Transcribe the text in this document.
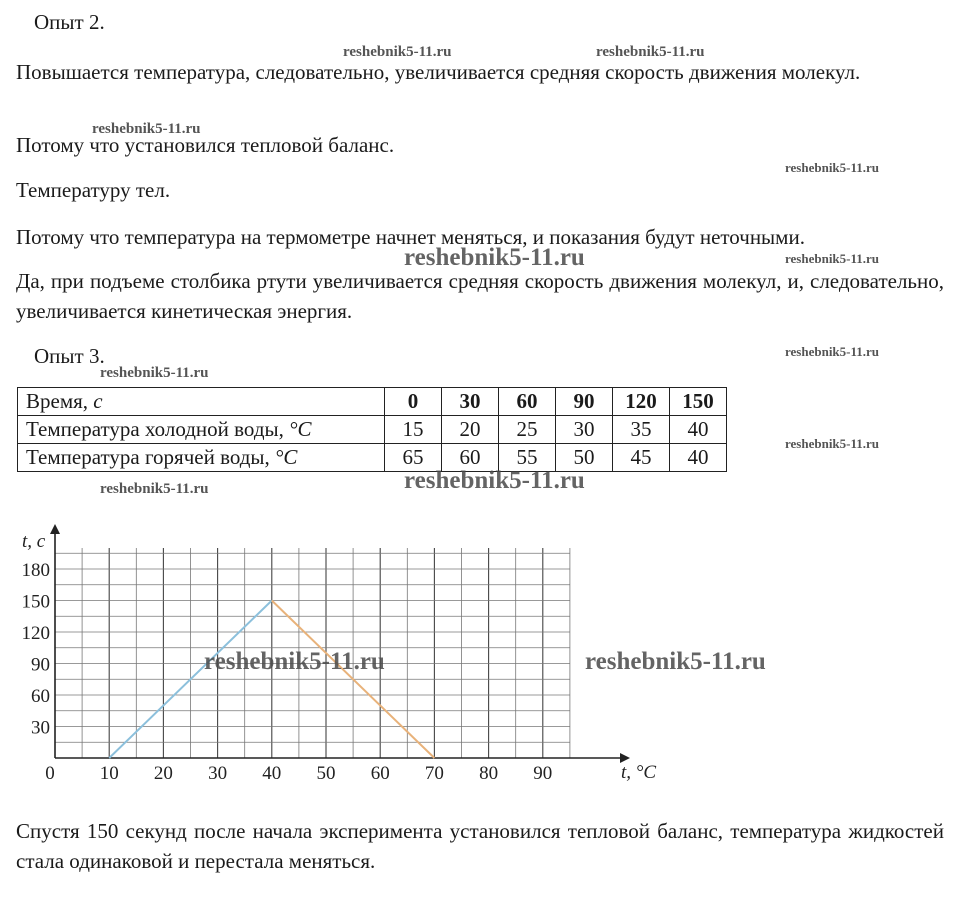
Опыт 2.
Повышается температура, следовательно, увеличивается средняя скорость движения молекул.
Потому что установился тепловой баланс.
Температуру тел.
Потому что температура на термометре начнет меняться, и показания будут неточными.
Да, при подъеме столбика ртути увеличивается средняя скорость движения молекул, и, следовательно, увеличивается кинетическая энергия.
Опыт 3.
Время, с	0	30	60	90	120	150
Температура холодной воды, °C	15	20	25	30	35	40
Температура горячей воды, °C	65	60	55	50	45	40
0 10 20 30 40 50 60 70 80 90
30
60
90
120
150
180
t, с
t, °C
Спустя 150 секунд после начала эксперимента установился тепловой баланс, температура жидкостей стала одинаковой и перестала меняться.
reshebnik5-11.ru	reshebnik5-11.ru
reshebnik5-11.ru
reshebnik5-11.ru
reshebnik5-11.ru	reshebnik5-11.ru
reshebnik5-11.ru
reshebnik5-11.ru
reshebnik5-11.ru
reshebnik5-11.ru	reshebnik5-11.ru
reshebnik5-11.ru	reshebnik5-11.ru
